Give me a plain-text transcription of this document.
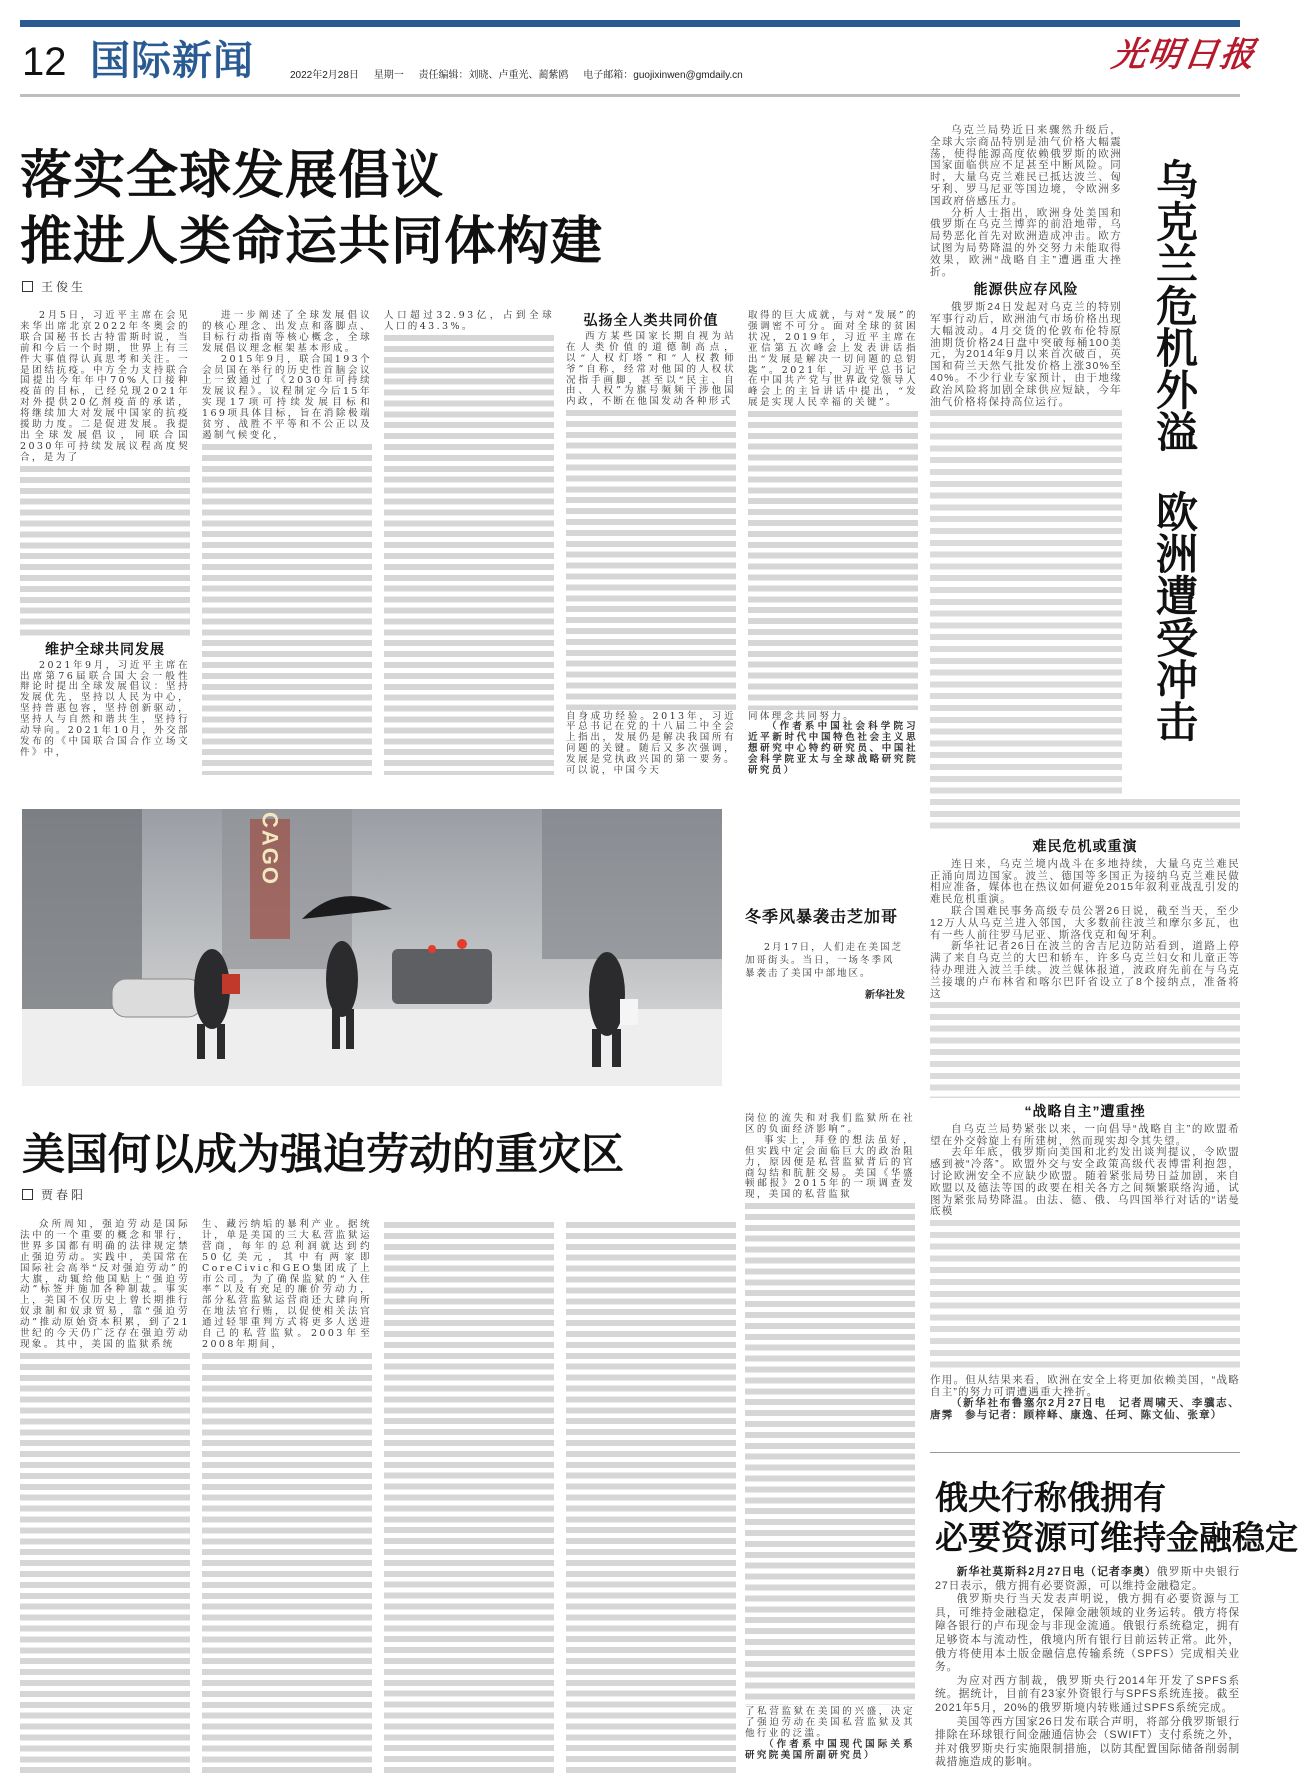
12 国际新闻	2022年2月28日 星期一 责任编辑：刘晓、卢重光、蔺紫鸥 电子邮箱：guojixinwen@gmdaily.cn
光明日报
落实全球发展倡议
推进人类命运共同体构建
王俊生

2月5日，习近平主席在会见来华出席北京2022年冬奥会的联合国秘书长古特雷斯时说，当前和今后一个时期，世界上有三件大事值得认真思考和关注。一是团结抗疫。中方全力支持联合国提出今年年中70%人口接种疫苗的目标，已经兑现2021年对外提供20亿剂疫苗的承诺，将继续加大对发展中国家的抗疫援助力度。二是促进发展。我提出全球发展倡议，同联合国2030年可持续发展议程高度契合，是为了

维护全球共同发展

2021年9月，习近平主席在出席第76届联合国大会一般性辩论时提出全球发展倡议：坚持发展优先，坚持以人民为中心，坚持普惠包容，坚持创新驱动，坚持人与自然和谐共生，坚持行动导向。2021年10月，外交部发布的《中国联合国合作立场文件》中，

进一步阐述了全球发展倡议的核心理念、出发点和落脚点、目标行动指南等核心概念，全球发展倡议理念框架基本形成。

2015年9月，联合国193个会员国在举行的历史性首脑会议上一致通过了《2030年可持续发展议程》。议程制定今后15年实现17项可持续发展目标和169项具体目标，旨在消除极端贫穷、战胜不平等和不公正以及遏制气候变化，

人口超过32.93亿，占到全球人口的43.3%。	弘扬全人类共同价值

西方某些国家长期自视为站在人类价值的道德制高点，以“人权灯塔”和“人权教师爷”自称，经常对他国的人权状况指手画脚，甚至以“民主、自由、人权”为旗号频频干涉他国内政，不断在他国发动各种形式

自身成功经验。2013年，习近平总书记在党的十八届二中全会上指出，发展仍是解决我国所有问题的关键。随后又多次强调，发展是党执政兴国的第一要务。可以说，中国今天

取得的巨大成就，与对“发展”的强调密不可分。面对全球的贫困状况，2019年，习近平主席在亚信第五次峰会上发表讲话指出“发展是解决一切问题的总钥匙”。2021年，习近平总书记在中国共产党与世界政党领导人峰会上的主旨讲话中提出，“发展是实现人民幸福的关键”。

同体理念共同努力。

（作者系中国社会科学院习近平新时代中国特色社会主义思想研究中心特约研究员、中国社会科学院亚太与全球战略研究院研究员）

乌克兰危机外溢
欧洲遭受冲击

乌克兰局势近日来骤然升级后，全球大宗商品特别是油气价格大幅震荡，使得能源高度依赖俄罗斯的欧洲国家面临供应不足甚至中断风险。同时，大量乌克兰难民已抵达波兰、匈牙利、罗马尼亚等国边境，令欧洲多国政府倍感压力。

分析人士指出，欧洲身处美国和俄罗斯在乌克兰博弈的前沿地带，乌局势恶化首先对欧洲造成冲击。欧方试图为局势降温的外交努力未能取得效果，欧洲“战略自主”遭遇重大挫折。

能源供应存风险

俄罗斯24日发起对乌克兰的特别军事行动后，欧洲油气市场价格出现大幅波动。4月交货的伦敦布伦特原油期货价格24日盘中突破每桶100美元，为2014年9月以来首次破百，英国和荷兰天然气批发价格上涨30%至40%。不少行业专家预计，由于地缘政治风险将加剧全球供应短缺，今年油气价格将保持高位运行。

难民危机或重演

连日来，乌克兰境内战斗在多地持续，大量乌克兰难民正涌向周边国家。波兰、德国等多国正为接纳乌克兰难民做相应准备，媒体也在热议如何避免2015年叙利亚战乱引发的难民危机重演。

联合国难民事务高级专员公署26日说，截至当天，至少12万人从乌克兰进入邻国，大多数前往波兰和摩尔多瓦，也有一些人前往罗马尼亚、斯洛伐克和匈牙利。

新华社记者26日在波兰的舍吉尼边防站看到，道路上停满了来自乌克兰的大巴和轿车，许多乌克兰妇女和儿童正等待办理进入波兰手续。波兰媒体报道，波政府先前在与乌克兰接壤的卢布林省和喀尔巴阡省设立了8个接纳点，准备将这

“战略自主”遭重挫

自乌克兰局势紧张以来，一向倡导“战略自主”的欧盟希望在外交斡旋上有所建树，然而现实却令其失望。

去年年底，俄罗斯向美国和北约发出谈判提议，令欧盟感到被“冷落”。欧盟外交与安全政策高级代表博雷利抱怨，讨论欧洲安全不应缺少欧盟。随着紧张局势日益加剧，来自欧盟以及德法等国的政要在相关各方之间频繁联络沟通，试图为紧张局势降温。由法、德、俄、乌四国举行对话的“诺曼底模

作用。但从结果来看，欧洲在安全上将更加依赖美国，“战略自主”的努力可谓遭遇重大挫折。

（新华社布鲁塞尔2月27日电　记者周啸天、李骥志、唐霁　参与记者：顾梓峄、康逸、任珂、陈文仙、张章）

CAGO
冬季风暴袭击芝加哥
2月17日，人们走在美国芝加哥街头。当日，一场冬季风暴袭击了美国中部地区。
新华社发
美国何以成为强迫劳动的重灾区
贾春阳

众所周知，强迫劳动是国际法中的一个重要的概念和罪行，世界多国都有明确的法律规定禁止强迫劳动。实践中，美国常在国际社会高举“反对强迫劳动”的大旗，动辄给他国贴上“强迫劳动”标签并施加各种制裁。事实上，美国不仅历史上曾长期推行奴隶制和奴隶贸易，靠“强迫劳动”推动原始资本积累，到了21世纪的今天仍广泛存在强迫劳动现象。其中，美国的监狱系统

生、藏污纳垢的暴利产业。据统计，单是美国的三大私营监狱运营商，每年的总利润就达到约50亿美元，其中有两家即CoreCivic和GEO集团成了上市公司。为了确保监狱的“入住率”以及有充足的廉价劳动力，部分私营监狱运营商还大肆向所在地法官行贿，以促使相关法官通过轻罪重判方式将更多人送进自己的私营监狱。2003年至2008年期间，

岗位的流失和对我们监狱所在社区的负面经济影响”。

事实上，拜登的想法虽好，但实践中定会面临巨大的政治阻力，原因便是私营监狱背后的官商勾结和肮脏交易。美国《华盛顿邮报》2015年的一项调查发现，美国的私营监狱

了私营监狱在美国的兴盛，决定了强迫劳动在美国私营监狱及其他行业的泛滥。

（作者系中国现代国际关系研究院美国所副研究员）

俄央行称俄拥有
必要资源可维持金融稳定

新华社莫斯科2月27日电（记者李奥）俄罗斯中央银行27日表示，俄方拥有必要资源，可以维持金融稳定。

俄罗斯央行当天发表声明说，俄方拥有必要资源与工具，可维持金融稳定，保障金融领域的业务运转。俄方将保障各银行的卢布现金与非现金流通。俄银行系统稳定，拥有足够资本与流动性，俄境内所有银行目前运转正常。此外，俄方将使用本土版金融信息传输系统（SPFS）完成相关业务。

为应对西方制裁，俄罗斯央行2014年开发了SPFS系统。据统计，目前有23家外资银行与SPFS系统连接。截至2021年5月，20%的俄罗斯境内转账通过SPFS系统完成。

美国等西方国家26日发布联合声明，将部分俄罗斯银行排除在环球银行间金融通信协会（SWIFT）支付系统之外，并对俄罗斯央行实施限制措施，以防其配置国际储备削弱制裁措施造成的影响。
